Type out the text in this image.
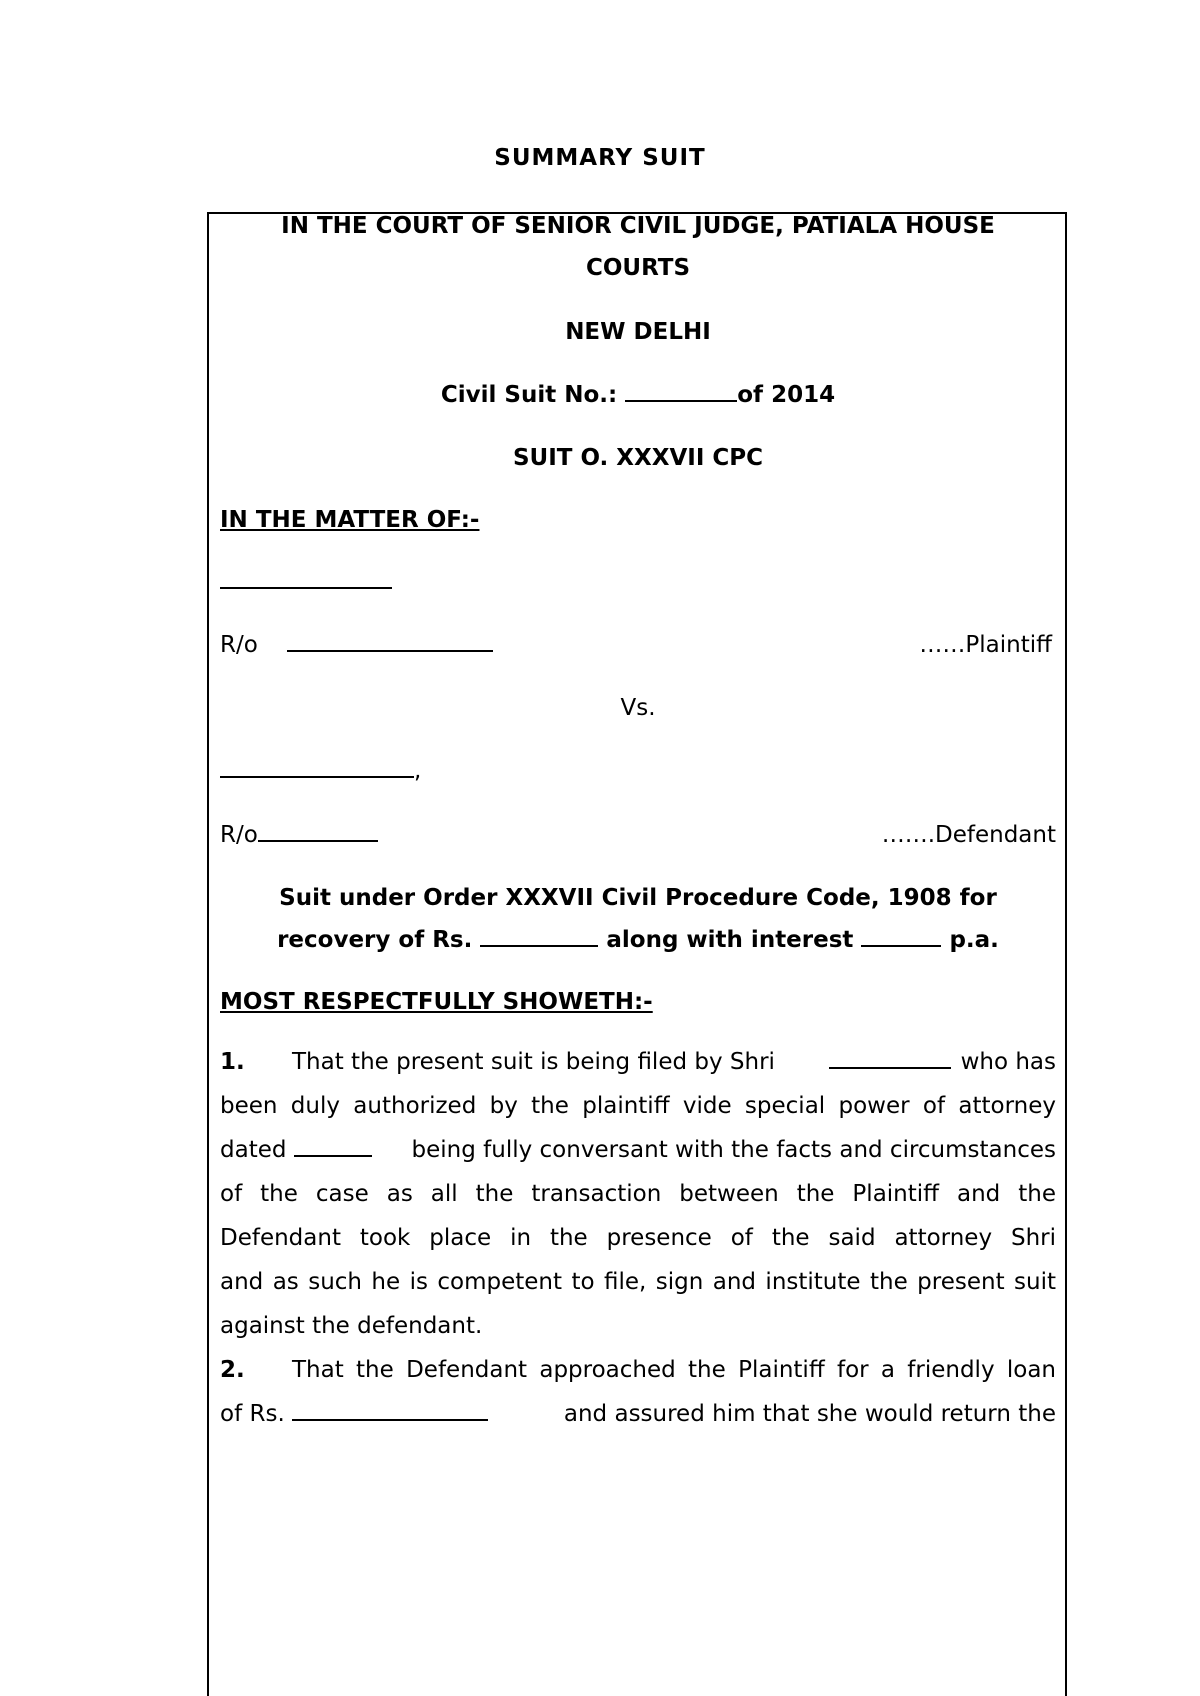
SUMMARY SUIT
IN THE COURT OF SENIOR CIVIL JUDGE, PATIALA HOUSE
COURTS
NEW DELHI
Civil Suit No.:	of 2014
SUIT O. XXXVII CPC
IN THE MATTER OF:-
R/o	……Plaintiff
Vs.
,
R/o	…….Defendant
Suit under Order XXXVII Civil Procedure Code, 1908 for
recovery of Rs.	along with interest	p.a.
MOST RESPECTFULLY SHOWETH:-
1. That the present suit is being filed by Shri	who has
been duly authorized by the plaintiff vide special power of attorney
dated	being fully conversant with the facts and circumstances
of the case as all the transaction between the Plaintiff and the
Defendant took place in the presence of the said attorney Shri
and as such he is competent to file, sign and institute the present suit
against the defendant.
2.	That the Defendant approached the Plaintiff for a friendly loan
of Rs.	and assured him that she would return the
